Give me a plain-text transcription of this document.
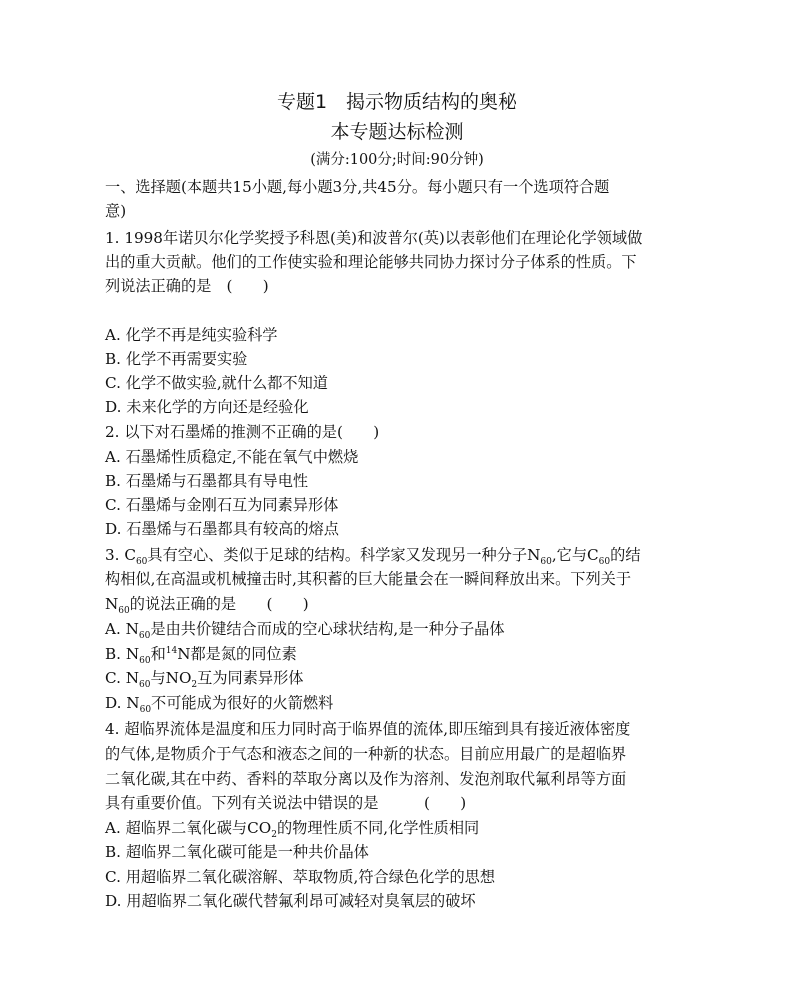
专题1　揭示物质结构的奥秘
本专题达标检测
(满分:100分;时间:90分钟)
一、选择题(本题共15小题,每小题3分,共45分。每小题只有一个选项符合题
意)
1. 1998年诺贝尔化学奖授予科恩(美)和波普尔(英)以表彰他们在理论化学领域做
出的重大贡献。他们的工作使实验和理论能够共同协力探讨分子体系的性质。下
列说法正确的是　(　　)
A. 化学不再是纯实验科学
B. 化学不再需要实验
C. 化学不做实验,就什么都不知道
D. 未来化学的方向还是经验化
2. 以下对石墨烯的推测不正确的是(　　)
A. 石墨烯性质稳定,不能在氧气中燃烧
B. 石墨烯与石墨都具有导电性
C. 石墨烯与金刚石互为同素异形体
D. 石墨烯与石墨都具有较高的熔点
3. $C_{60}$具有空心、类似于足球的结构。科学家又发现另一种分子$N_{60}$,它与$C_{60}$的结
构相似,在高温或机械撞击时,其积蓄的巨大能量会在一瞬间释放出来。下列关于
$N_{60}$的说法正确的是　　(　　)
A. $N_{60}$是由共价键结合而成的空心球状结构,是一种分子晶体
B. $N_{60}$和$^{14}$N都是氮的同位素
C. $N_{60}$与$NO_2$互为同素异形体
D. $N_{60}$不可能成为很好的火箭燃料
4. 超临界流体是温度和压力同时高于临界值的流体,即压缩到具有接近液体密度
的气体,是物质介于气态和液态之间的一种新的状态。目前应用最广的是超临界
二氧化碳,其在中药、香料的萃取分离以及作为溶剂、发泡剂取代氟利昂等方面
具有重要价值。下列有关说法中错误的是　　　(　　)
A. 超临界二氧化碳与$CO_2$的物理性质不同,化学性质相同
B. 超临界二氧化碳可能是一种共价晶体
C. 用超临界二氧化碳溶解、萃取物质,符合绿色化学的思想
D. 用超临界二氧化碳代替氟利昂可减轻对臭氧层的破坏
